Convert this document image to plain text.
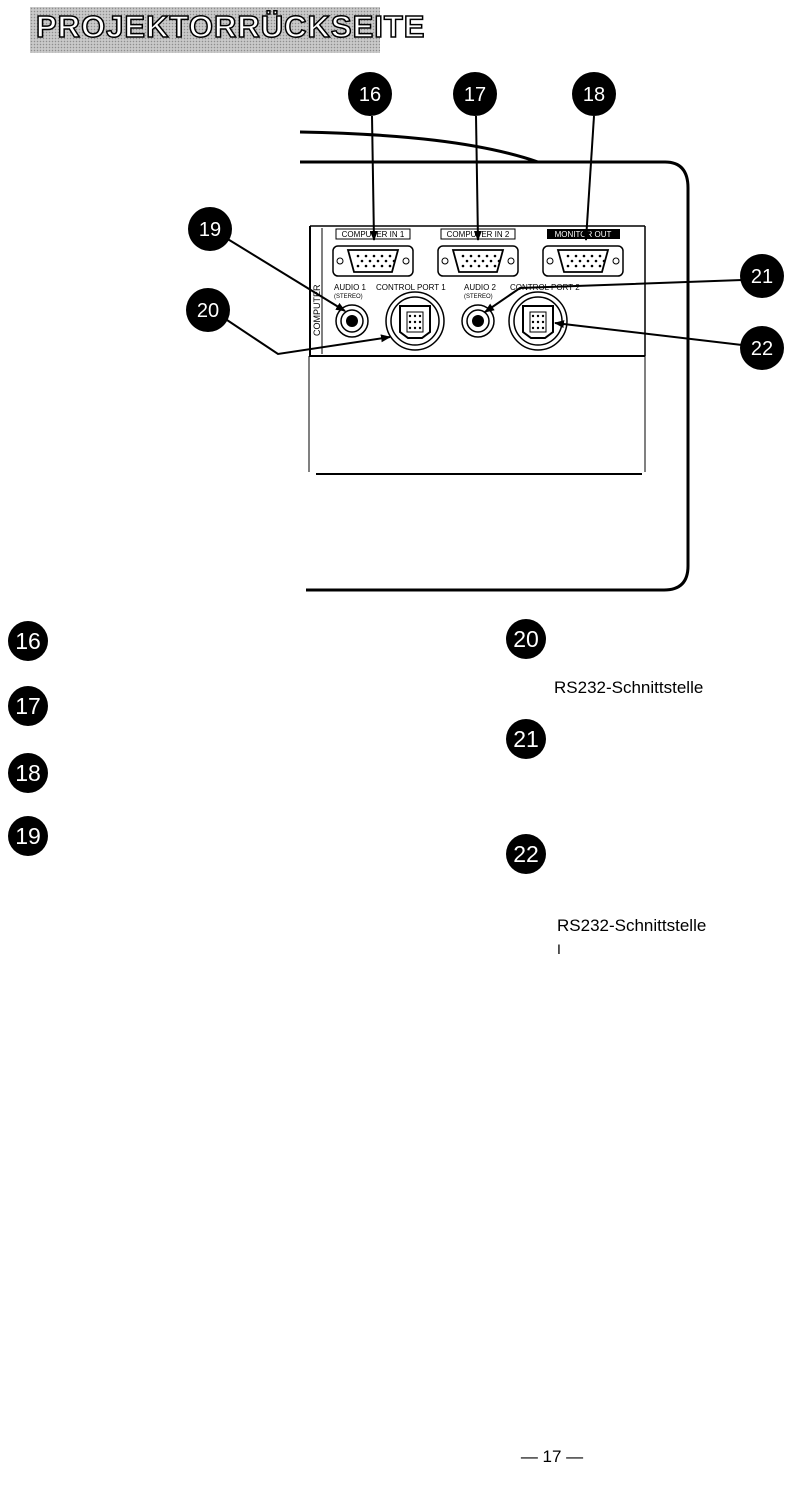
PROJEKTORRÜCKSEITE
COMPUTER
COMPUTER IN 1	COMPUTER IN 2	MONITOR OUT
AUDIO 1
(STEREO)
CONTROL PORT 1 AUDIO 2
(STEREO)
CONTROL PORT 2
16	17	18
19
20
21
22
16
17
18
19
20
21
22
RS232-Schnittstelle
RS232-Schnittstelle
I
— 17 —
